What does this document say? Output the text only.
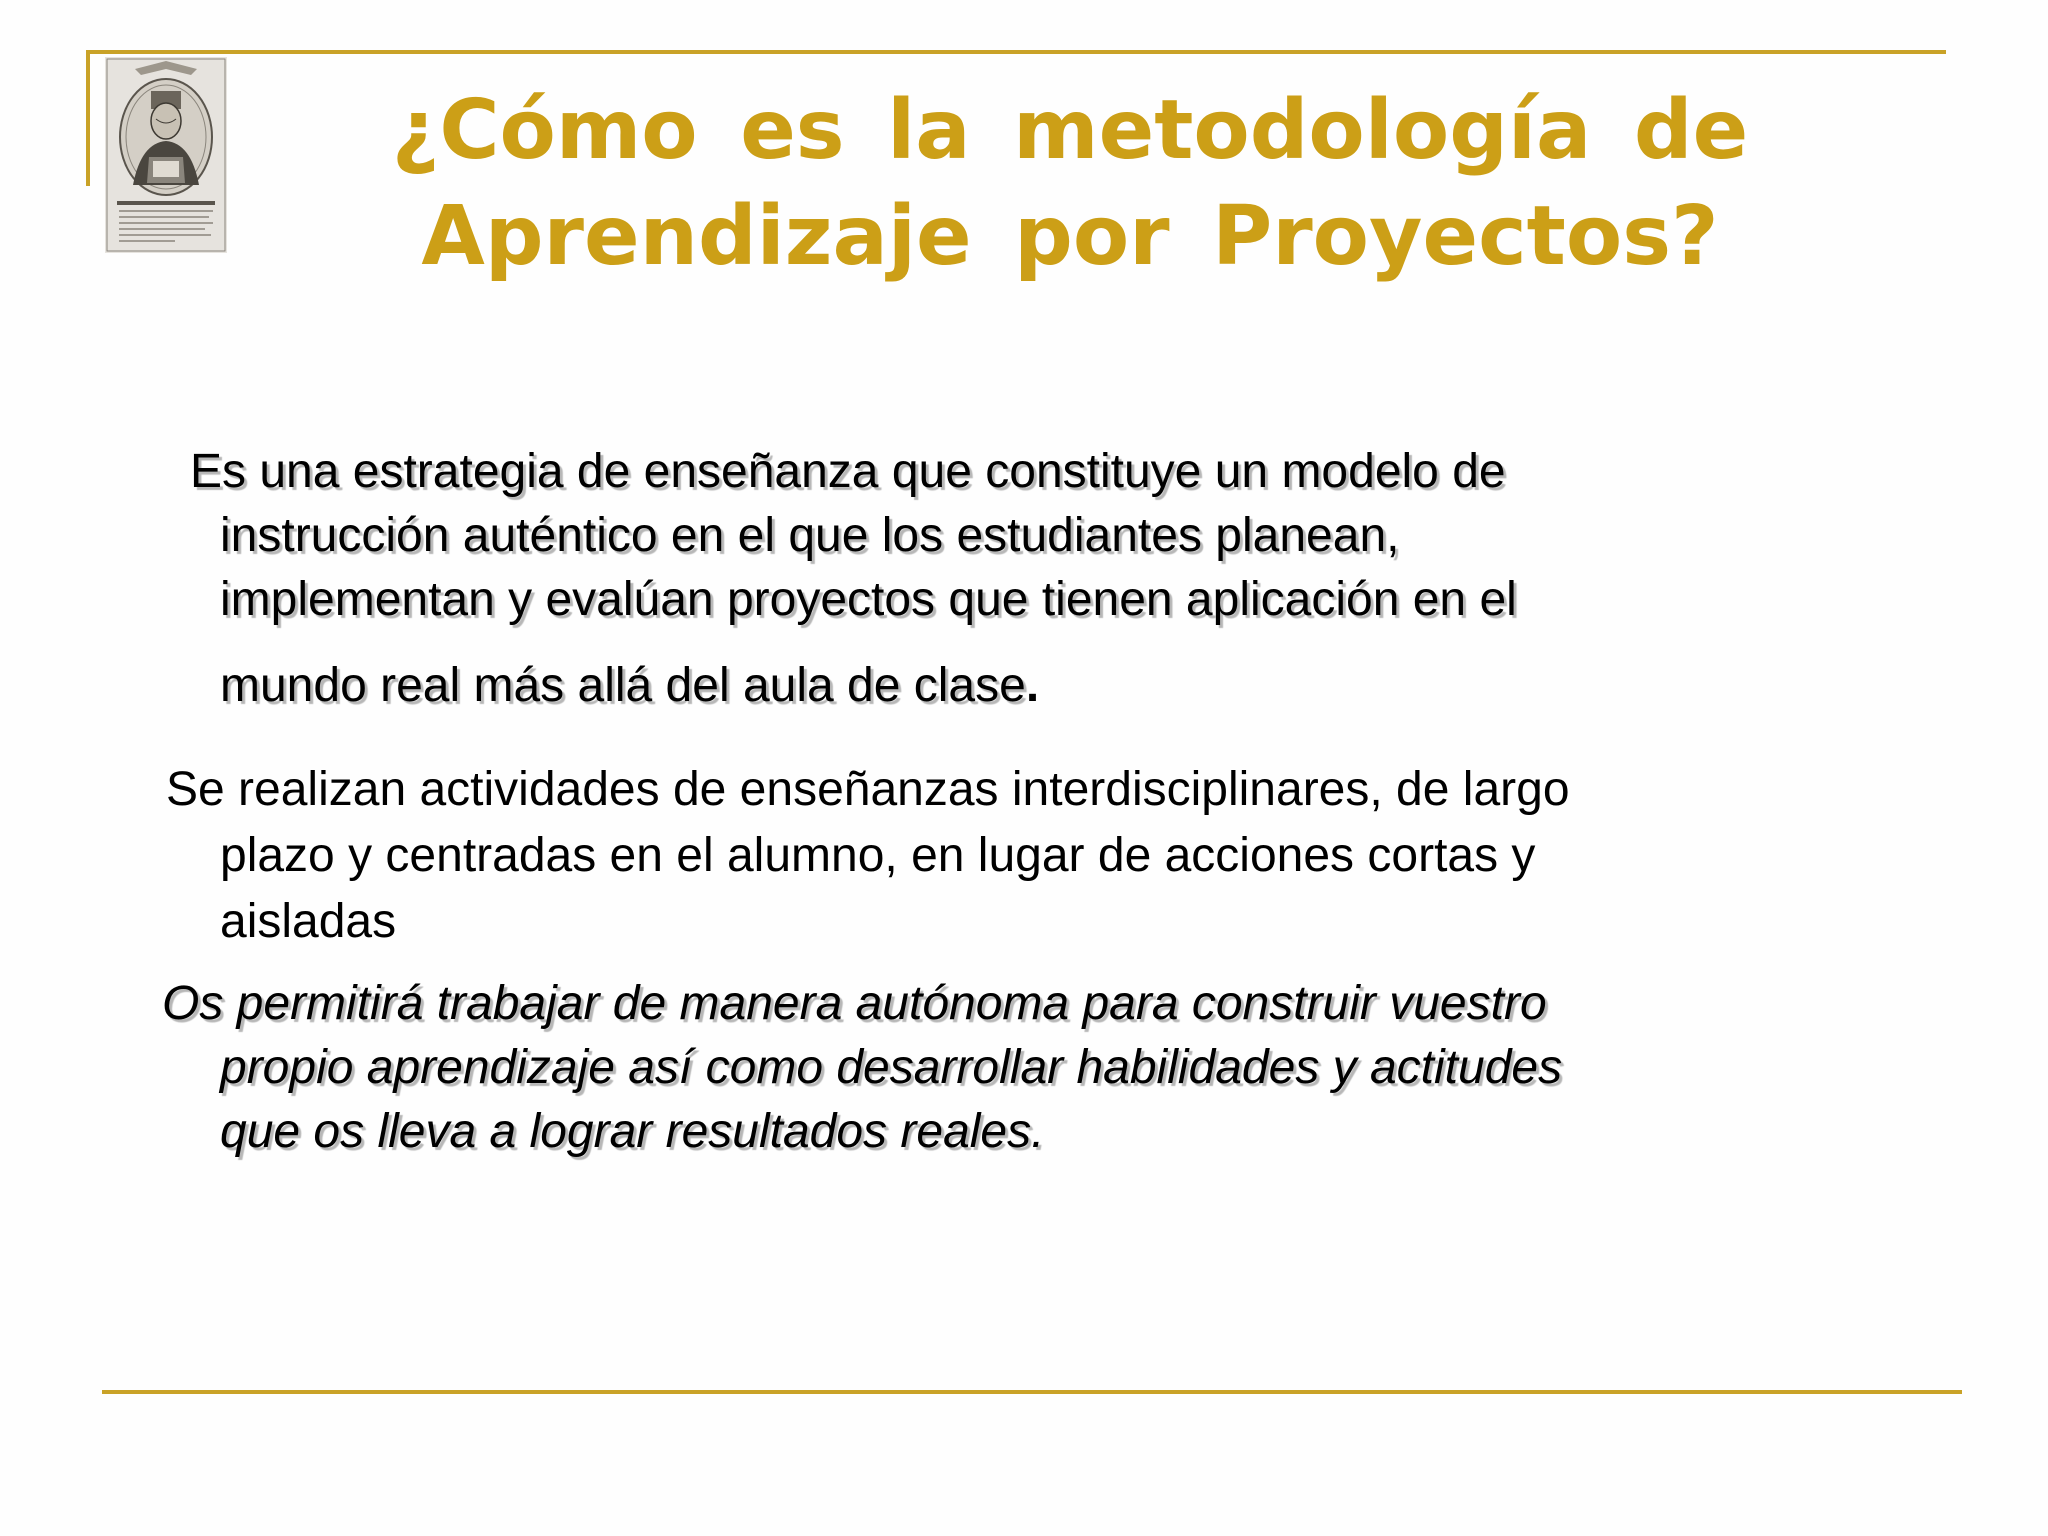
¿Cómo es la metodología de
Aprendizaje por Proyectos?

Es una estrategia de enseñanza que constituye un modelo de
instrucción auténtico en el que los estudiantes planean,
implementan y evalúan proyectos que tienen aplicación en el
mundo real más allá del aula de clase.

Se realizan actividades de enseñanzas interdisciplinares, de largo
plazo y centradas en el alumno, en lugar de acciones cortas y
aisladas

Os permitirá trabajar de manera autónoma para construir vuestro
propio aprendizaje así como desarrollar habilidades y actitudes
que os lleva a lograr resultados reales.
